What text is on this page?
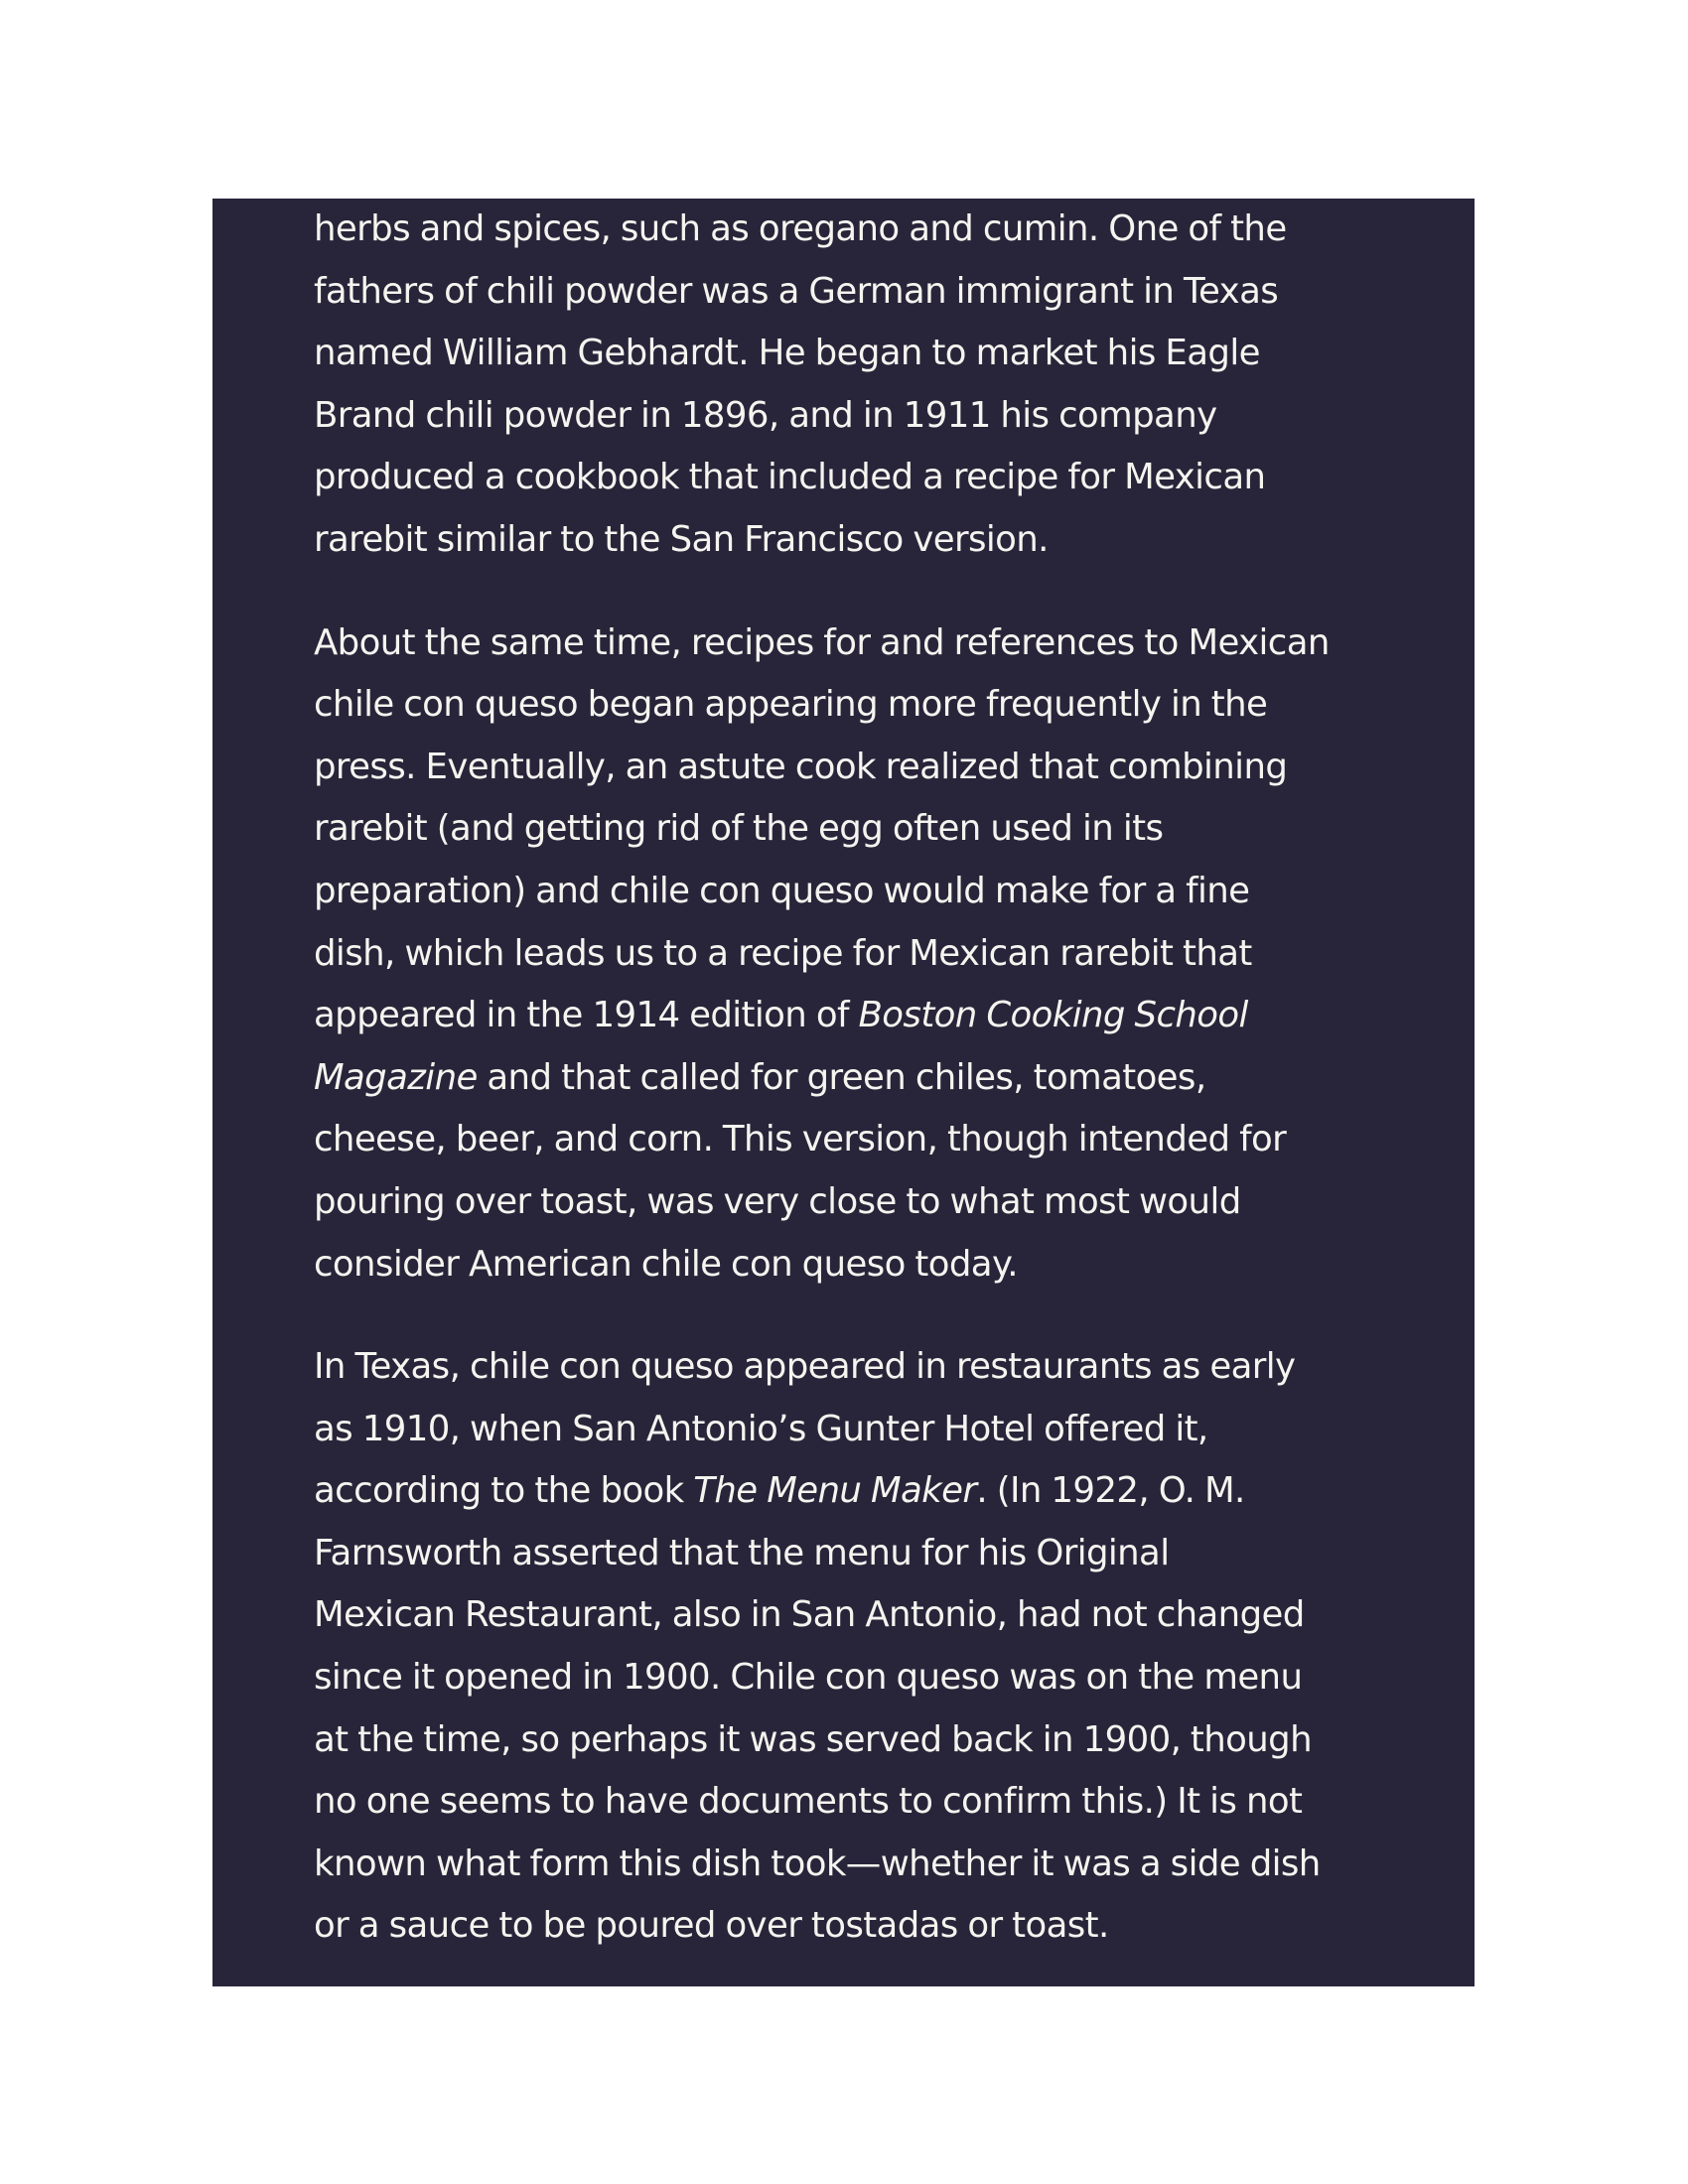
herbs and spices, such as oregano and cumin. One of the
fathers of chili powder was a German immigrant in Texas
named William Gebhardt. He began to market his Eagle
Brand chili powder in 1896, and in 1911 his company
produced a cookbook that included a recipe for Mexican
rarebit similar to the San Francisco version.

About the same time, recipes for and references to Mexican
chile con queso began appearing more frequently in the
press. Eventually, an astute cook realized that combining
rarebit (and getting rid of the egg often used in its
preparation) and chile con queso would make for a fine
dish, which leads us to a recipe for Mexican rarebit that
appeared in the 1914 edition of Boston Cooking School
Magazine and that called for green chiles, tomatoes,
cheese, beer, and corn. This version, though intended for
pouring over toast, was very close to what most would
consider American chile con queso today.

In Texas, chile con queso appeared in restaurants as early
as 1910, when San Antonio’s Gunter Hotel offered it,
according to the book The Menu Maker. (In 1922, O. M.
Farnsworth asserted that the menu for his Original
Mexican Restaurant, also in San Antonio, had not changed
since it opened in 1900. Chile con queso was on the menu
at the time, so perhaps it was served back in 1900, though
no one seems to have documents to confirm this.) It is not
known what form this dish took—whether it was a side dish
or a sauce to be poured over tostadas or toast.
